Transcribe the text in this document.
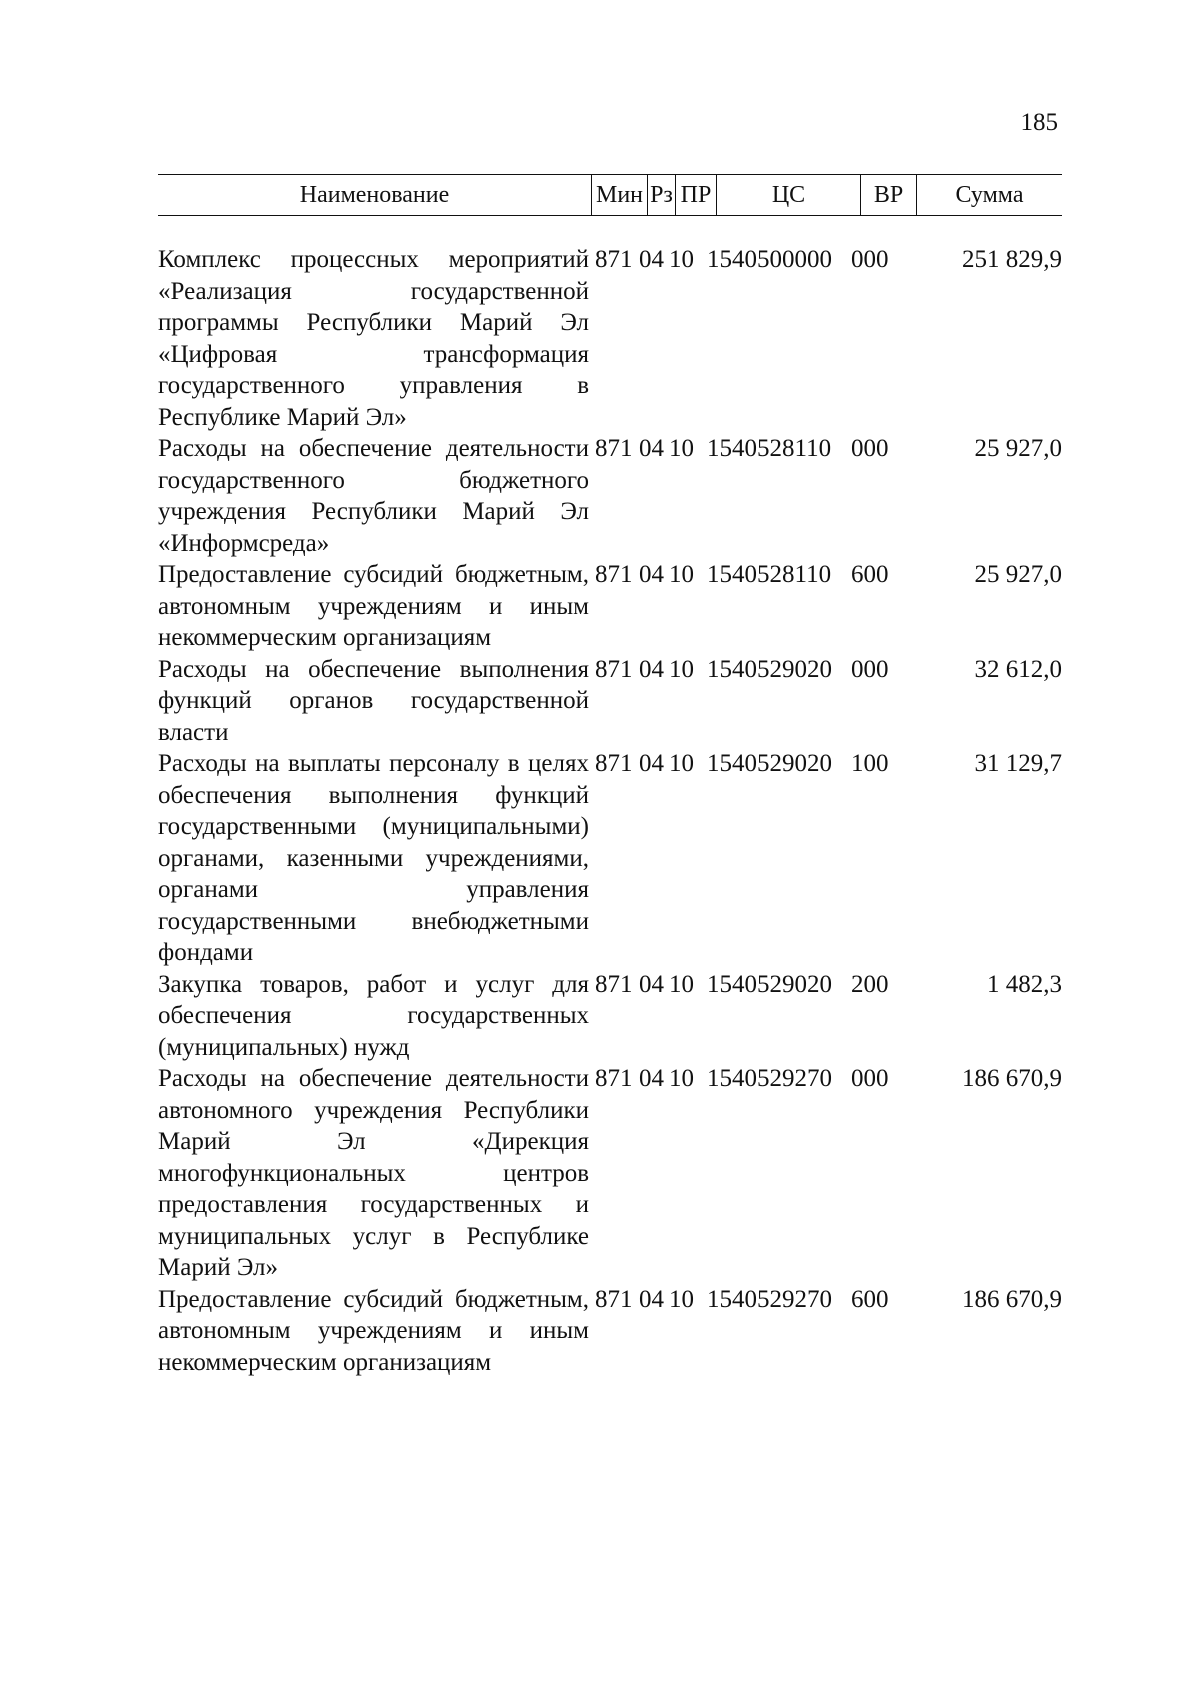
185
Наименование	Мин Рз ПР	ЦС	ВР	Сумма
Комплекс процессных мероприятий «Реализация государственной программы Республики Марий Эл «Цифровая трансформация государственного управления в Республике Марий Эл»
871 04 10 1540500000 000	251 829,9
Расходы на обеспечение деятельности государственного бюджетного учреждения Республики Марий Эл «Информсреда»
871 04 10 1540528110 000	25 927,0
Предоставление субсидий бюджетным, автономным учреждениям и иным некоммерческим организациям
871 04 10 1540528110 600	25 927,0
Расходы на обеспечение выполнения функций органов государственной власти
871 04 10 1540529020 000	32 612,0
Расходы на выплаты персоналу в целях обеспечения выполнения функций государственными (муниципальными) органами, казенными учреждениями, органами управления государственными внебюджетными фондами
871 04 10 1540529020 100	31 129,7
Закупка товаров, работ и услуг для обеспечения государственных (муниципальных) нужд
871 04 10 1540529020 200	1 482,3
Расходы на обеспечение деятельности автономного учреждения Республики Марий Эл «Дирекция многофункциональных центров предоставления государственных и муниципальных услуг в Республике Марий Эл»
871 04 10 1540529270 000	186 670,9
Предоставление субсидий бюджетным, автономным учреждениям и иным некоммерческим организациям
871 04 10 1540529270 600	186 670,9
